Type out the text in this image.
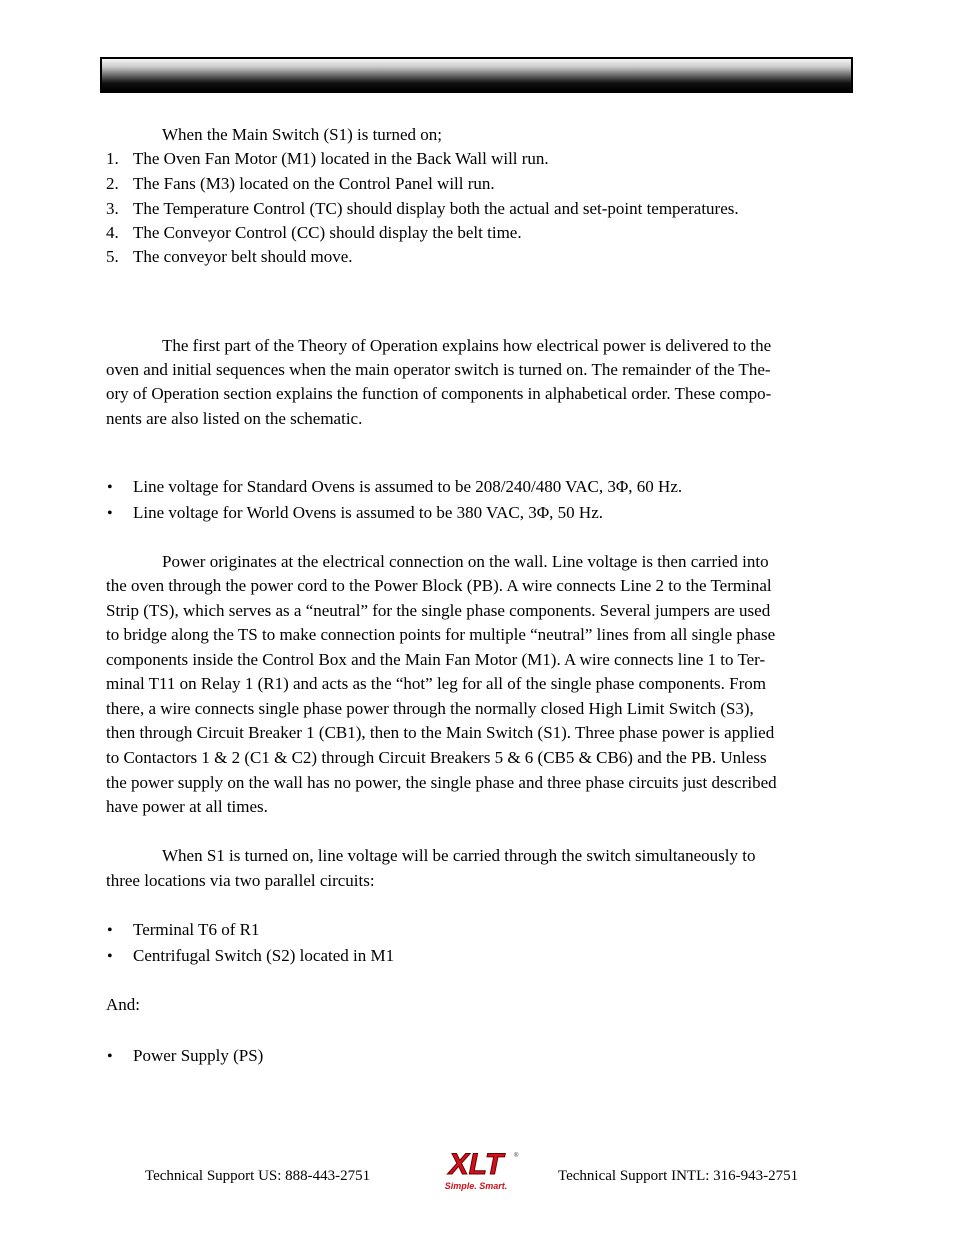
When the Main Switch (S1) is turned on;
1. The Oven Fan Motor (M1) located in the Back Wall will run.
2. The Fans (M3) located on the Control Panel will run.
3. The Temperature Control (TC) should display both the actual and set-point temperatures.
4. The Conveyor Control (CC) should display the belt time.
5. The conveyor belt should move.
The first part of the Theory of Operation explains how electrical power is delivered to the
oven and initial sequences when the main operator switch is turned on. The remainder of the The-
ory of Operation section explains the function of components in alphabetical order. These compo-
nents are also listed on the schematic.
• Line voltage for Standard Ovens is assumed to be 208/240/480 VAC, 3Φ, 60 Hz.
• Line voltage for World Ovens is assumed to be 380 VAC, 3Φ, 50 Hz.
Power originates at the electrical connection on the wall. Line voltage is then carried into
the oven through the power cord to the Power Block (PB). A wire connects Line 2 to the Terminal
Strip (TS), which serves as a “neutral” for the single phase components. Several jumpers are used
to bridge along the TS to make connection points for multiple “neutral” lines from all single phase
components inside the Control Box and the Main Fan Motor (M1). A wire connects line 1 to Ter-
minal T11 on Relay 1 (R1) and acts as the “hot” leg for all of the single phase components. From
there, a wire connects single phase power through the normally closed High Limit Switch (S3),
then through Circuit Breaker 1 (CB1), then to the Main Switch (S1). Three phase power is applied
to Contactors 1 & 2 (C1 & C2) through Circuit Breakers 5 & 6 (CB5 & CB6) and the PB. Unless
the power supply on the wall has no power, the single phase and three phase circuits just described
have power at all times.
When S1 is turned on, line voltage will be carried through the switch simultaneously to
three locations via two parallel circuits:
• Terminal T6 of R1
• Centrifugal Switch (S2) located in M1
And:
• Power Supply (PS)
Technical Support US: 888-443-2751	XLT	®
Simple. Smart.
Technical Support INTL: 316-943-2751
